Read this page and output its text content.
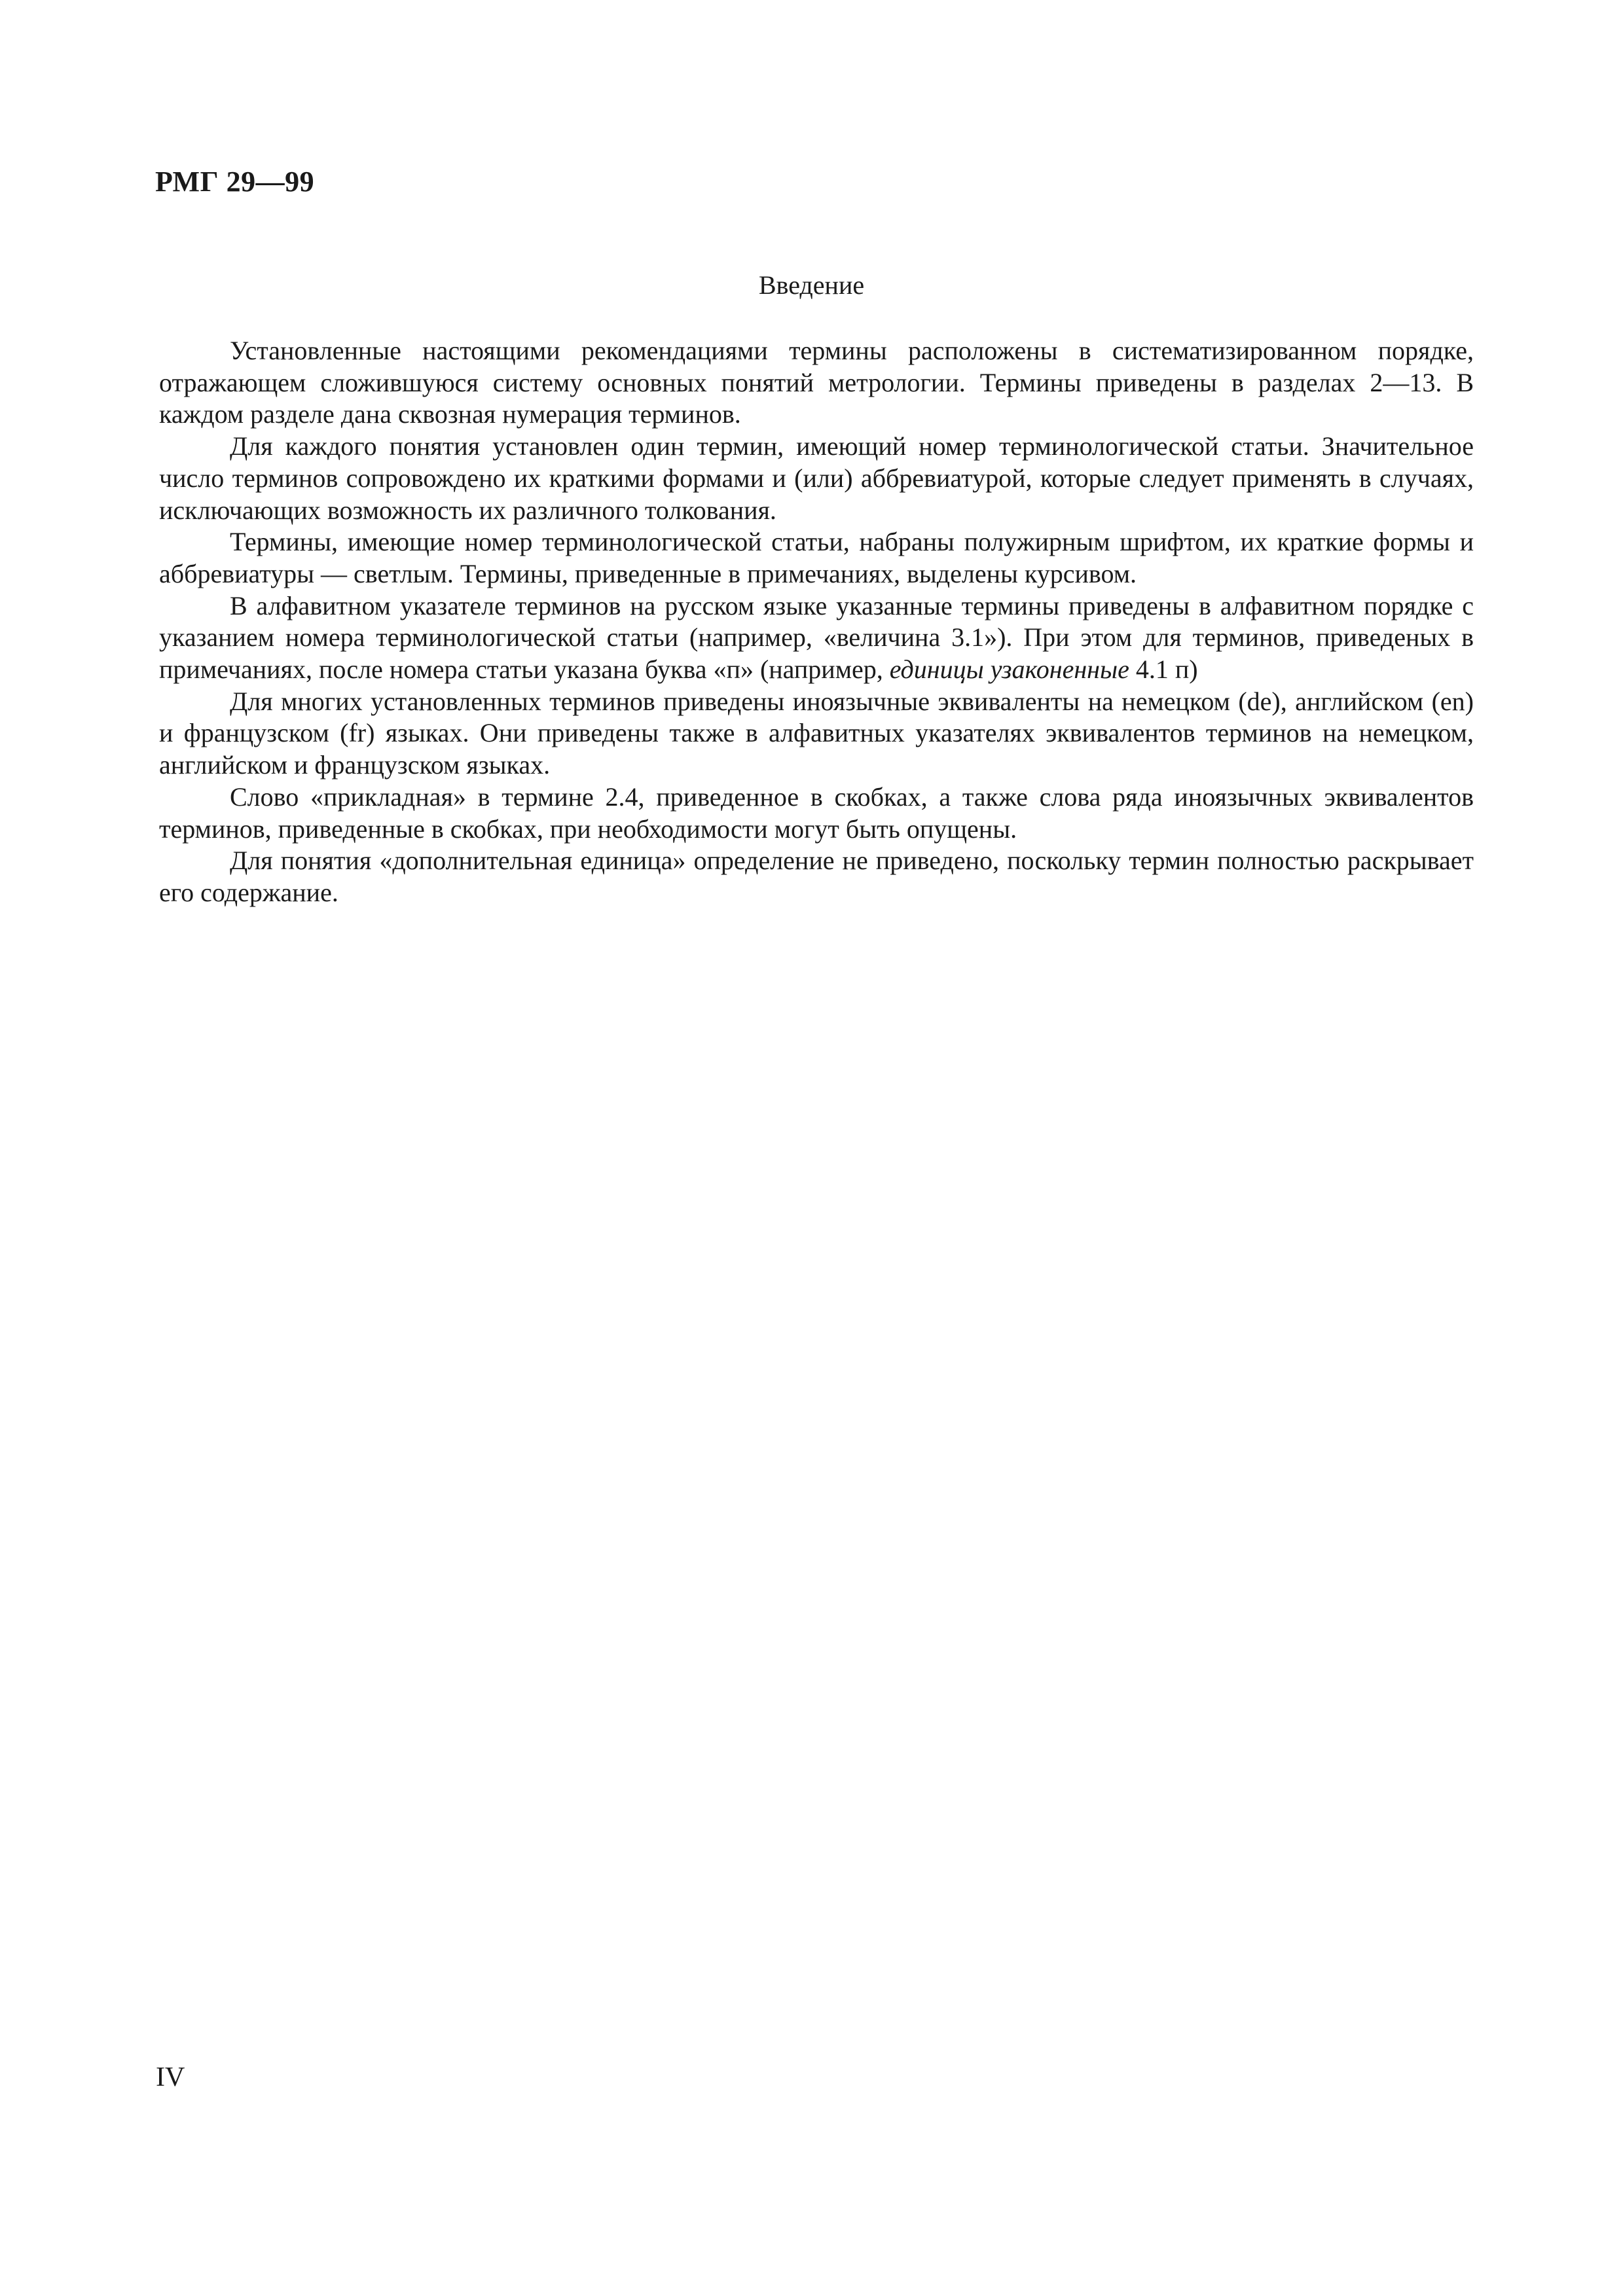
РМГ 29—99
Введение

Установленные настоящими рекомендациями термины расположены в систематизированном порядке, отражающем сложившуюся систему основных понятий метрологии. Термины приведены в разделах 2—13. В каждом разделе дана сквозная нумерация терминов.

Для каждого понятия установлен один термин, имеющий номер терминологической статьи. Значительное число терминов сопровождено их краткими формами и (или) аббревиатурой, которые следует применять в случаях, исключающих возможность их различного толкования.

Термины, имеющие номер терминологической статьи, набраны полужирным шрифтом, их краткие формы и аббревиатуры — светлым. Термины, приведенные в примечаниях, выделены курсивом.

В алфавитном указателе терминов на русском языке указанные термины приведены в алфавитном порядке с указанием номера терминологической статьи (например, «величина 3.1»). При этом для терминов, приведеных в примечаниях, после номера статьи указана буква «п» (например, единицы узаконенные 4.1 п)

Для многих установленных терминов приведены иноязычные эквиваленты на немецком (de), английском (en) и французском (fr) языках. Они приведены также в алфавитных указателях эквивалентов терминов на немецком, английском и французском языках.

Слово «прикладная» в термине 2.4, приведенное в скобках, а также слова ряда иноязычных эквивалентов терминов, приведенные в скобках, при необходимости могут быть опущены.

Для понятия «дополнительная единица» определение не приведено, поскольку термин полностью раскрывает его содержание.

IV
